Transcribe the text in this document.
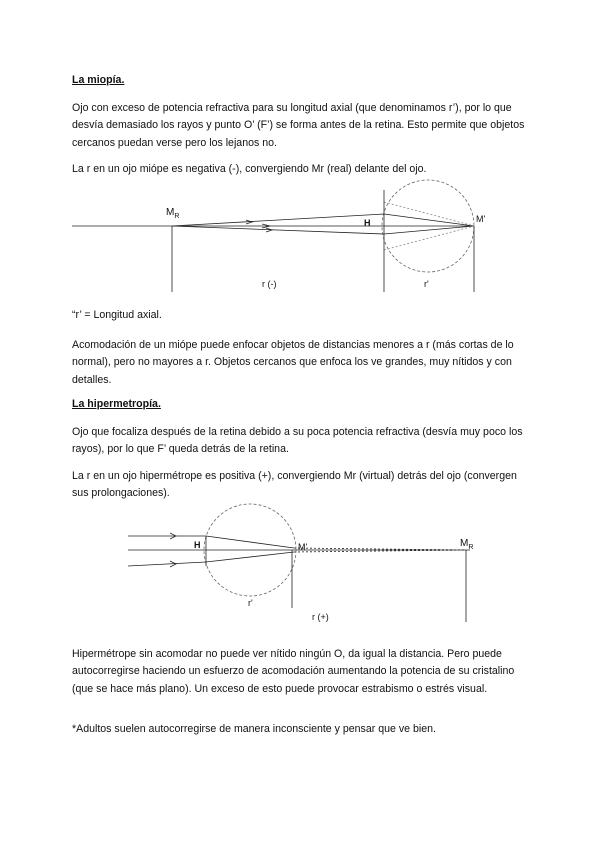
La miopía.

Ojo con exceso de potencia refractiva para su longitud axial (que denominamos r’), por lo que desvía demasiado los rayos y punto O’ (F’) se forma antes de la retina. Esto permite que objetos cercanos puedan verse pero los lejanos no.

La r en un ojo miópe es negativa (-), convergiendo Mr (real) delante del ojo.

$M_R$
H	M'
r (-)	r'

“r’ = Longitud axial.

Acomodación de un miópe puede enfocar objetos de distancias menores a r (más cortas de lo normal), pero no mayores a r. Objetos cercanos que enfoca los ve grandes, muy nítidos y con detalles.

La hipermetropía.

Ojo que focaliza después de la retina debido a su poca potencia refractiva (desvía muy poco los rayos), por lo que F’ queda detrás de la retina.

La r en un ojo hipermétrope es positiva (+), convergiendo Mr (virtual) detrás del ojo (convergen sus prolongaciones).

H	M'	$M_R$
r'
r (+)

Hipermétrope sin acomodar no puede ver nítido ningún O, da igual la distancia. Pero puede autocorregirse haciendo un esfuerzo de acomodación aumentando la potencia de su cristalino (que se hace más plano). Un exceso de esto puede provocar estrabismo o estrés visual.

*Adultos suelen autocorregirse de manera inconsciente y pensar que ve bien.
